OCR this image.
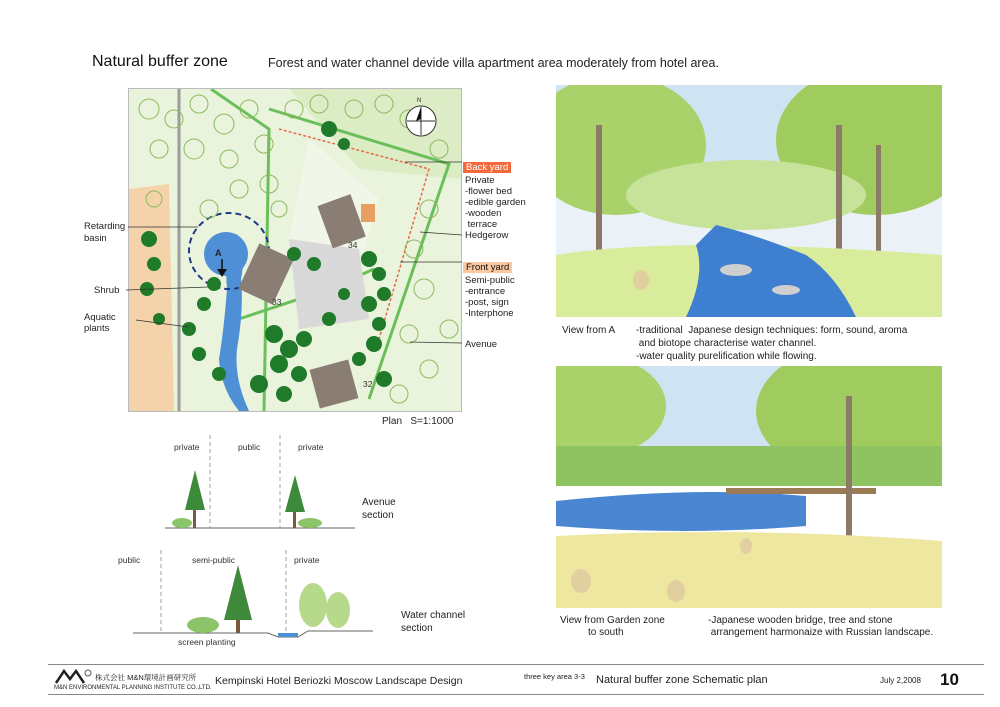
Natural buffer zone	Forest and water channel devide villa apartment area moderately from hotel area.
N
A
34
33
32
Retarding
basin
Shrub
Aquatic
plants
Back yard
Private
-flower bed
-edible garden
-wooden
terrace
Hedgerow
Front yard
Semi-public
-entrance
-post, sign
-Interphone
Avenue
Plan S=1:1000
private	public	private
Avenue
section
public	semi-public	private
screen planting
Water channel
section
View from A -traditional  Japanese design techniques: form, sound, aroma
and biotope characterise water channel.
-water quality purelification while flowing.
View from Garden zone
to south
-Japanese wooden bridge, tree and stone
arrangement harmonaize with Russian landscape.
株式会社 M&N環境計画研究所
M&N ENVIRONMENTAL PLANNING INSTITUTE CO.,LTD.
Kempinski Hotel Beriozki Moscow Landscape Design	three key area 3-3 Natural buffer zone Schematic plan	July 2,2008 10
